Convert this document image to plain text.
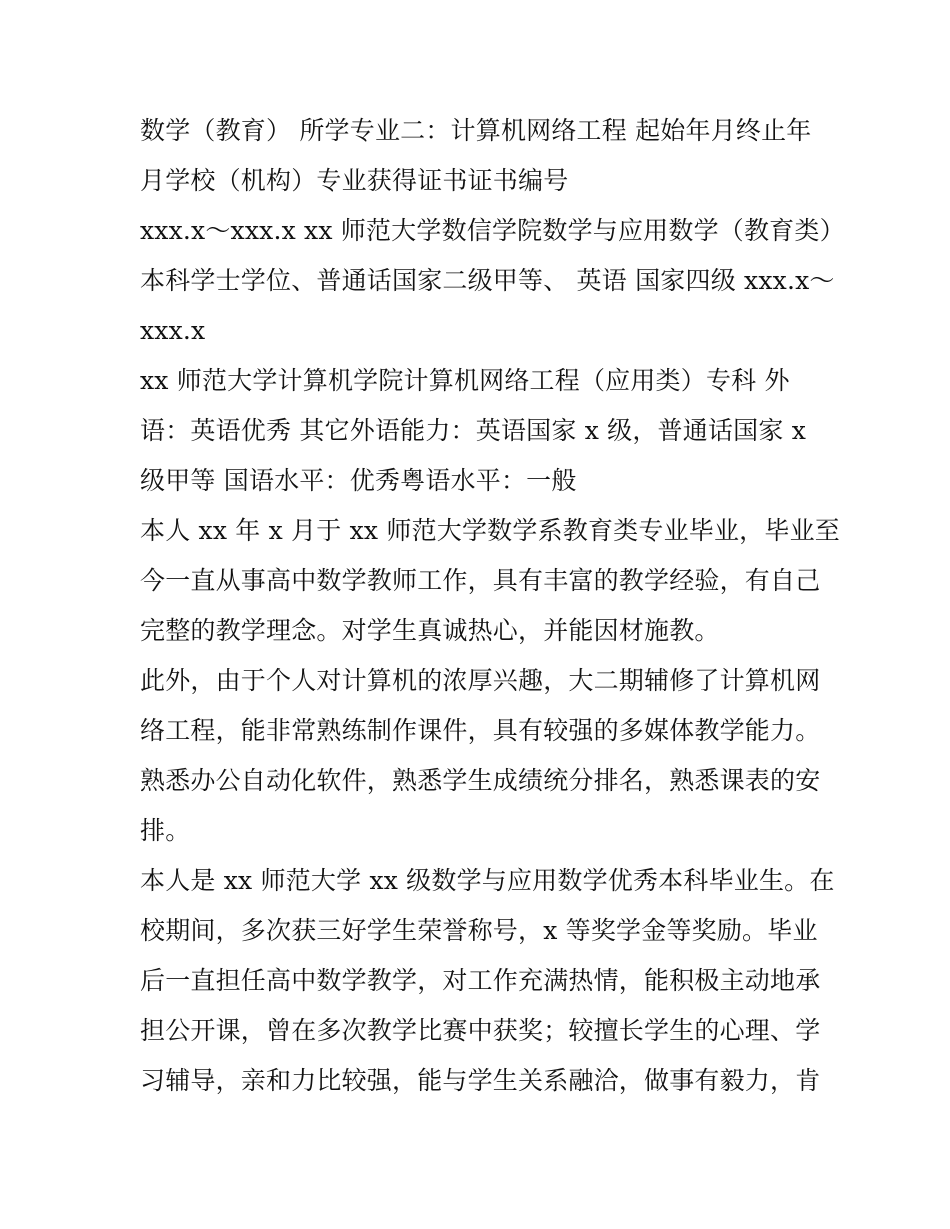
数学（教育） 所学专业二：计算机网络工程 起始年月终止年
月学校（机构）专业获得证书证书编号
xxx.x～xxx.x xx 师范大学数信学院数学与应用数学（教育类）
本科学士学位、普通话国家二级甲等、 英语 国家四级 xxx.x～
xxx.x
xx 师范大学计算机学院计算机网络工程（应用类）专科 外
语：英语优秀 其它外语能力：英语国家 x 级，普通话国家 x
级甲等 国语水平：优秀粤语水平：一般
本人 xx 年 x 月于 xx 师范大学数学系教育类专业毕业，毕业至
今一直从事高中数学教师工作，具有丰富的教学经验，有自己
完整的教学理念。对学生真诚热心，并能因材施教。
此外，由于个人对计算机的浓厚兴趣，大二期辅修了计算机网
络工程，能非常熟练制作课件，具有较强的多媒体教学能力。
熟悉办公自动化软件，熟悉学生成绩统分排名，熟悉课表的安
排。
本人是 xx 师范大学 xx 级数学与应用数学优秀本科毕业生。在
校期间，多次获三好学生荣誉称号，x 等奖学金等奖励。毕业
后一直担任高中数学教学，对工作充满热情，能积极主动地承
担公开课，曾在多次教学比赛中获奖；较擅长学生的心理、学
习辅导，亲和力比较强，能与学生关系融洽，做事有毅力，肯
